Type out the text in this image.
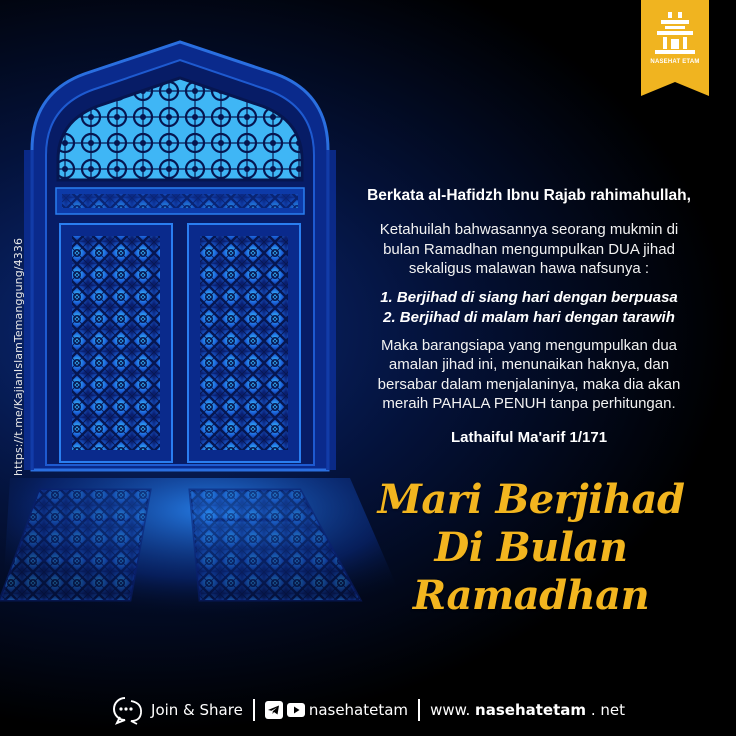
https://t.me/KajianIslamTemanggung/4336
NASEHAT ETAM
Berkata al-Hafidzh Ibnu Rajab rahimahullah,
Ketahuilah bahwasannya seorang mukmin di
bulan Ramadhan mengumpulkan DUA jihad
sekaligus malawan hawa nafsunya :
1. Berjihad di siang hari dengan berpuasa
2. Berjihad di malam hari dengan tarawih
Maka barangsiapa yang mengumpulkan dua
amalan jihad ini, menunaikan haknya, dan
bersabar dalam menjalaninya, maka dia akan
meraih PAHALA PENUH tanpa perhitungan.
Lathaiful Ma'arif 1/171
Mari Berjihad
Di Bulan Ramadhan
Join & Share	nasehatetam www. nasehatetam . net
